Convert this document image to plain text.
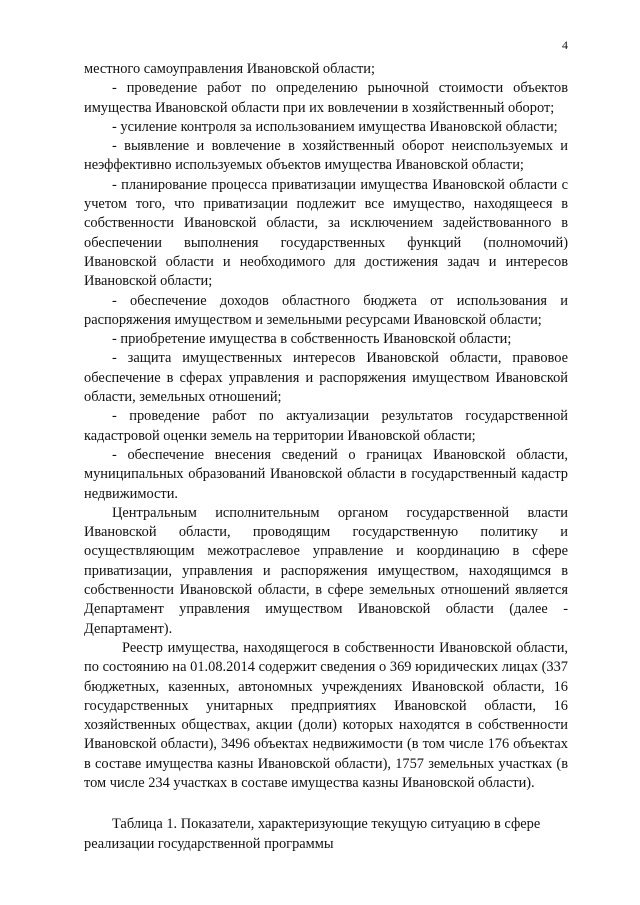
4

местного самоуправления Ивановской области;

- проведение работ по определению рыночной стоимости объектов имущества Ивановской области при их вовлечении в хозяйственный оборот;

- усиление контроля за использованием имущества Ивановской области;

- выявление и вовлечение в хозяйственный оборот неиспользуемых и неэффективно используемых объектов имущества Ивановской области;

- планирование процесса приватизации имущества Ивановской области с учетом того, что приватизации подлежит все имущество, находящееся в собственности Ивановской области, за исключением задействованного в обеспечении выполнения государственных функций (полномочий) Ивановской области и необходимого для достижения задач и интересов Ивановской области;

- обеспечение доходов областного бюджета от использования и распоряжения имуществом и земельными ресурсами Ивановской области;

- приобретение имущества в собственность Ивановской области;

- защита имущественных интересов Ивановской области, правовое обеспечение в сферах управления и распоряжения имуществом Ивановской области, земельных отношений;

- проведение работ по актуализации результатов государственной кадастровой оценки земель на территории Ивановской области;

- обеспечение внесения сведений о границах Ивановской области, муниципальных образований Ивановской области в государственный кадастр недвижимости.

Центральным исполнительным органом государственной власти Ивановской области, проводящим государственную политику и осуществляющим межотраслевое управление и координацию в сфере приватизации, управления и распоряжения имуществом, находящимся в собственности Ивановской области, в сфере земельных отношений является Департамент управления имуществом Ивановской области (далее - Департамент).

Реестр имущества, находящегося в собственности Ивановской области, по состоянию на 01.08.2014 содержит сведения о 369 юридических лицах (337 бюджетных, казенных, автономных учреждениях Ивановской области, 16 государственных унитарных предприятиях Ивановской области, 16 хозяйственных обществах, акции (доли) которых находятся в собственности Ивановской области), 3496 объектах недвижимости (в том числе 176 объектах в составе имущества казны Ивановской области), 1757 земельных участках (в том числе 234 участках в составе имущества казны Ивановской области).

Таблица 1. Показатели, характеризующие текущую ситуацию в сфере реализации государственной программы
